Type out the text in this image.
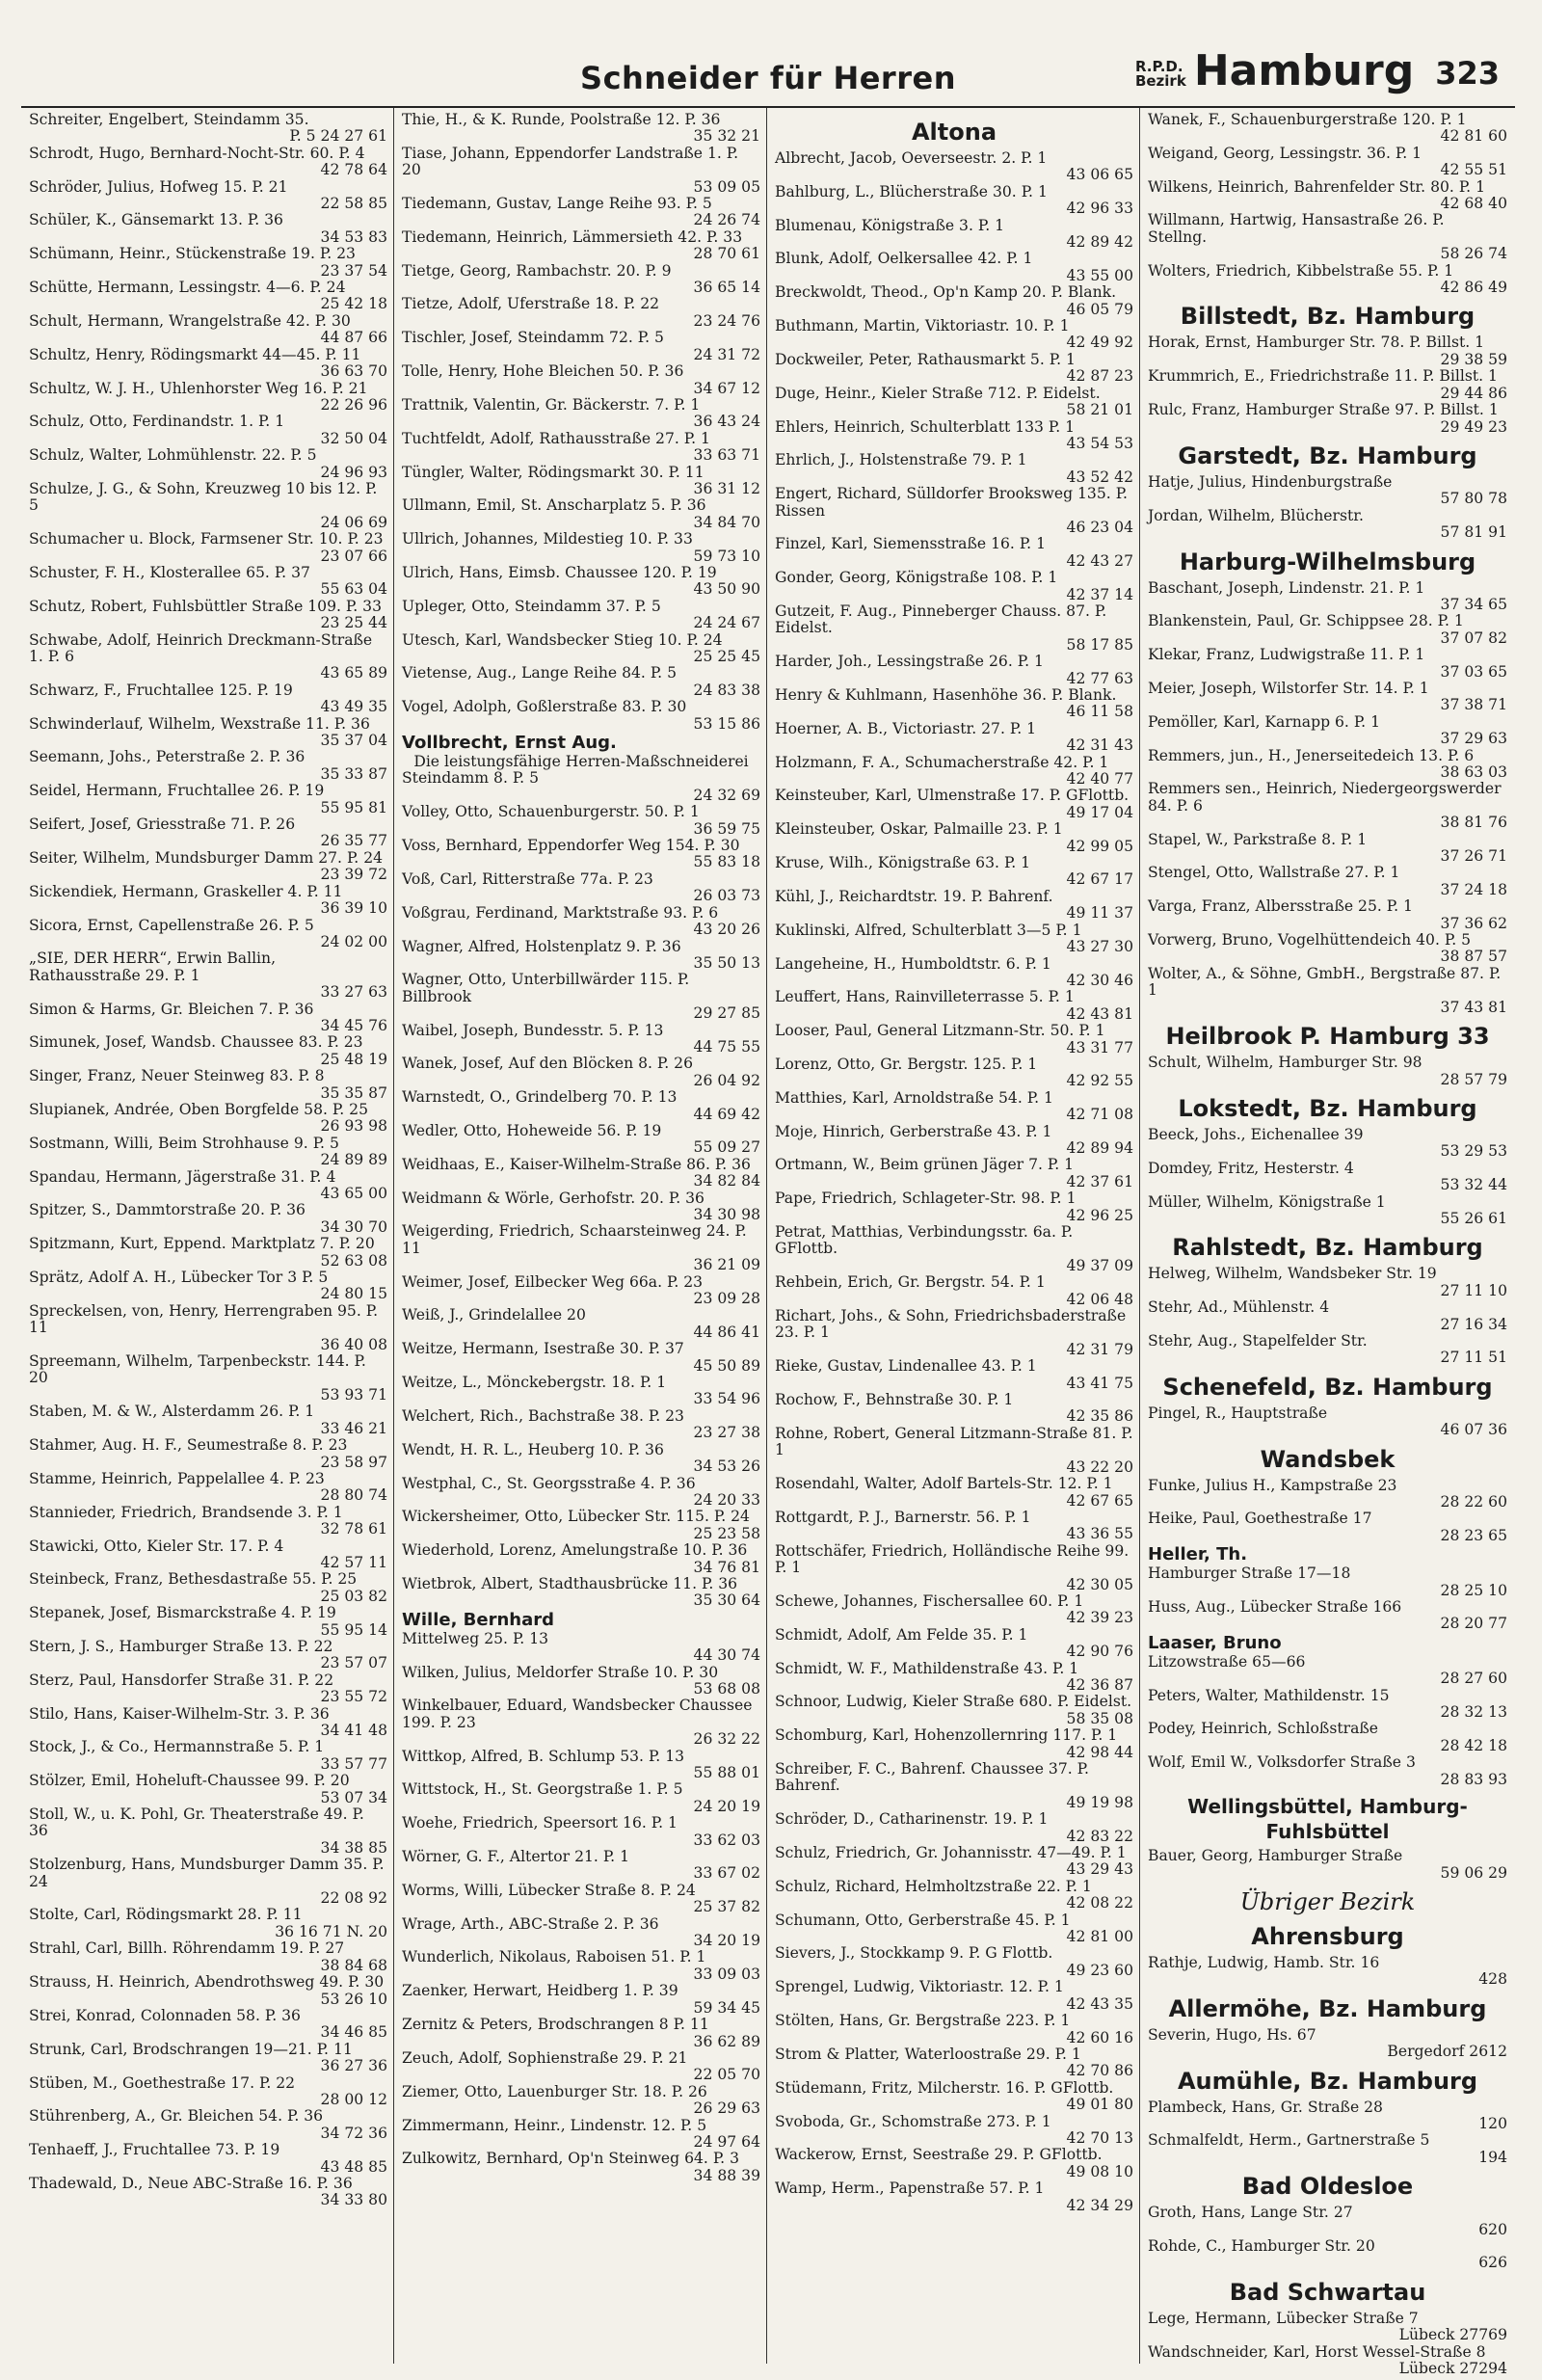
Schneider für Herren	R.P.D.
Bezirk Hamburg 323
Schreiter, Engelbert, Steindamm 35.
P. 5 24 27 61
Schrodt, Hugo, Bernhard-Nocht-Str. 60. P. 4
42 78 64
Schröder, Julius, Hofweg 15. P. 21
22 58 85
Schüler, K., Gänsemarkt 13. P. 36
34 53 83
Schümann, Heinr., Stückenstraße 19. P. 23
23 37 54
Schütte, Hermann, Lessingstr. 4—6. P. 24
25 42 18
Schult, Hermann, Wrangelstraße 42. P. 30
44 87 66
Schultz, Henry, Rödingsmarkt 44—45. P. 11
36 63 70
Schultz, W. J. H., Uhlenhorster Weg 16. P. 21
22 26 96
Schulz, Otto, Ferdinandstr. 1. P. 1
32 50 04
Schulz, Walter, Lohmühlenstr. 22. P. 5
24 96 93
Schulze, J. G., & Sohn, Kreuzweg 10 bis 12. P. 5
24 06 69
Schumacher u. Block, Farmsener Str. 10. P. 23
23 07 66
Schuster, F. H., Klosterallee 65. P. 37
55 63 04
Schutz, Robert, Fuhlsbüttler Straße 109. P. 33
23 25 44
Schwabe, Adolf, Heinrich Dreckmann-Straße 1. P. 6
43 65 89
Schwarz, F., Fruchtallee 125. P. 19
43 49 35
Schwinderlauf, Wilhelm, Wexstraße 11. P. 36
35 37 04
Seemann, Johs., Peterstraße 2. P. 36
35 33 87
Seidel, Hermann, Fruchtallee 26. P. 19
55 95 81
Seifert, Josef, Griesstraße 71. P. 26
26 35 77
Seiter, Wilhelm, Mundsburger Damm 27. P. 24
23 39 72
Sickendiek, Hermann, Graskeller 4. P. 11
36 39 10
Sicora, Ernst, Capellenstraße 26. P. 5
24 02 00
„SIE, DER HERR“, Erwin Ballin, Rathausstraße 29. P. 1
33 27 63
Simon & Harms, Gr. Bleichen 7. P. 36
34 45 76
Simunek, Josef, Wandsb. Chaussee 83. P. 23
25 48 19
Singer, Franz, Neuer Steinweg 83. P. 8
35 35 87
Slupianek, Andrée, Oben Borgfelde 58. P. 25
26 93 98
Sostmann, Willi, Beim Strohhause 9. P. 5
24 89 89
Spandau, Hermann, Jägerstraße 31. P. 4
43 65 00
Spitzer, S., Dammtorstraße 20. P. 36
34 30 70
Spitzmann, Kurt, Eppend. Marktplatz 7. P. 20
52 63 08
Sprätz, Adolf A. H., Lübecker Tor 3 P. 5
24 80 15
Spreckelsen, von, Henry, Herrengraben 95. P. 11
36 40 08
Spreemann, Wilhelm, Tarpenbeckstr. 144. P. 20
53 93 71
Staben, M. & W., Alsterdamm 26. P. 1
33 46 21
Stahmer, Aug. H. F., Seumestraße 8. P. 23
23 58 97
Stamme, Heinrich, Pappelallee 4. P. 23
28 80 74
Stannieder, Friedrich, Brandsende 3. P. 1
32 78 61
Stawicki, Otto, Kieler Str. 17. P. 4
42 57 11
Steinbeck, Franz, Bethesdastraße 55. P. 25
25 03 82
Stepanek, Josef, Bismarckstraße 4. P. 19
55 95 14
Stern, J. S., Hamburger Straße 13. P. 22
23 57 07
Sterz, Paul, Hansdorfer Straße 31. P. 22
23 55 72
Stilo, Hans, Kaiser-Wilhelm-Str. 3. P. 36
34 41 48
Stock, J., & Co., Hermannstraße 5. P. 1
33 57 77
Stölzer, Emil, Hoheluft-Chaussee 99. P. 20
53 07 34
Stoll, W., u. K. Pohl, Gr. Theaterstraße 49. P. 36
34 38 85
Stolzenburg, Hans, Mundsburger Damm 35. P. 24
22 08 92
Stolte, Carl, Rödingsmarkt 28. P. 11
36 16 71 N. 20
Strahl, Carl, Billh. Röhrendamm 19. P. 27
38 84 68
Strauss, H. Heinrich, Abendrothsweg 49. P. 30
53 26 10
Strei, Konrad, Colonnaden 58. P. 36
34 46 85
Strunk, Carl, Brodschrangen 19—21. P. 11
36 27 36
Stüben, M., Goethestraße 17. P. 22
28 00 12
Stührenberg, A., Gr. Bleichen 54. P. 36
34 72 36
Tenhaeff, J., Fruchtallee 73. P. 19
43 48 85
Thadewald, D., Neue ABC-Straße 16. P. 36
34 33 80
Thie, H., & K. Runde, Poolstraße 12. P. 36
35 32 21
Tiase, Johann, Eppendorfer Landstraße 1. P. 20
53 09 05
Tiedemann, Gustav, Lange Reihe 93. P. 5
24 26 74
Tiedemann, Heinrich, Lämmersieth 42. P. 33
28 70 61
Tietge, Georg, Rambachstr. 20. P. 9
36 65 14
Tietze, Adolf, Uferstraße 18. P. 22
23 24 76
Tischler, Josef, Steindamm 72. P. 5
24 31 72
Tolle, Henry, Hohe Bleichen 50. P. 36
34 67 12
Trattnik, Valentin, Gr. Bäckerstr. 7. P. 1
36 43 24
Tuchtfeldt, Adolf, Rathausstraße 27. P. 1
33 63 71
Tüngler, Walter, Rödingsmarkt 30. P. 11
36 31 12
Ullmann, Emil, St. Anscharplatz 5. P. 36
34 84 70
Ullrich, Johannes, Mildestieg 10. P. 33
59 73 10
Ulrich, Hans, Eimsb. Chaussee 120. P. 19
43 50 90
Upleger, Otto, Steindamm 37. P. 5
24 24 67
Utesch, Karl, Wandsbecker Stieg 10. P. 24
25 25 45
Vietense, Aug., Lange Reihe 84. P. 5
24 83 38
Vogel, Adolph, Goßlerstraße 83. P. 30
53 15 86
Vollbrecht, Ernst Aug.
Die leistungsfähige Herren-Maßschneiderei
Steindamm 8. P. 5
24 32 69
Volley, Otto, Schauenburgerstr. 50. P. 1
36 59 75
Voss, Bernhard, Eppendorfer Weg 154. P. 30
55 83 18
Voß, Carl, Ritterstraße 77a. P. 23
26 03 73
Voßgrau, Ferdinand, Marktstraße 93. P. 6
43 20 26
Wagner, Alfred, Holstenplatz 9. P. 36
35 50 13
Wagner, Otto, Unterbillwärder 115. P. Billbrook
29 27 85
Waibel, Joseph, Bundesstr. 5. P. 13
44 75 55
Wanek, Josef, Auf den Blöcken 8. P. 26
26 04 92
Warnstedt, O., Grindelberg 70. P. 13
44 69 42
Wedler, Otto, Hoheweide 56. P. 19
55 09 27
Weidhaas, E., Kaiser-Wilhelm-Straße 86. P. 36
34 82 84
Weidmann & Wörle, Gerhofstr. 20. P. 36
34 30 98
Weigerding, Friedrich, Schaarsteinweg 24. P. 11
36 21 09
Weimer, Josef, Eilbecker Weg 66a. P. 23
23 09 28
Weiß, J., Grindelallee 20
44 86 41
Weitze, Hermann, Isestraße 30. P. 37
45 50 89
Weitze, L., Mönckebergstr. 18. P. 1
33 54 96
Welchert, Rich., Bachstraße 38. P. 23
23 27 38
Wendt, H. R. L., Heuberg 10. P. 36
34 53 26
Westphal, C., St. Georgsstraße 4. P. 36
24 20 33
Wickersheimer, Otto, Lübecker Str. 115. P. 24
25 23 58
Wiederhold, Lorenz, Amelungstraße 10. P. 36
34 76 81
Wietbrok, Albert, Stadthausbrücke 11. P. 36
35 30 64
Wille, Bernhard
Mittelweg 25. P. 13
44 30 74
Wilken, Julius, Meldorfer Straße 10. P. 30
53 68 08
Winkelbauer, Eduard, Wandsbecker Chaussee 199. P. 23
26 32 22
Wittkop, Alfred, B. Schlump 53. P. 13
55 88 01
Wittstock, H., St. Georgstraße 1. P. 5
24 20 19
Woehe, Friedrich, Speersort 16. P. 1
33 62 03
Wörner, G. F., Altertor 21. P. 1
33 67 02
Worms, Willi, Lübecker Straße 8. P. 24
25 37 82
Wrage, Arth., ABC-Straße 2. P. 36
34 20 19
Wunderlich, Nikolaus, Raboisen 51. P. 1
33 09 03
Zaenker, Herwart, Heidberg 1. P. 39
59 34 45
Zernitz & Peters, Brodschrangen 8 P. 11
36 62 89
Zeuch, Adolf, Sophienstraße 29. P. 21
22 05 70
Ziemer, Otto, Lauenburger Str. 18. P. 26
26 29 63
Zimmermann, Heinr., Lindenstr. 12. P. 5
24 97 64
Zulkowitz, Bernhard, Op'n Steinweg 64. P. 3
34 88 39
Altona
Albrecht, Jacob, Oeverseestr. 2. P. 1
43 06 65
Bahlburg, L., Blücherstraße 30. P. 1
42 96 33
Blumenau, Königstraße 3. P. 1
42 89 42
Blunk, Adolf, Oelkersallee 42. P. 1
43 55 00
Breckwoldt, Theod., Op'n Kamp 20. P. Blank.
46 05 79
Buthmann, Martin, Viktoriastr. 10. P. 1
42 49 92
Dockweiler, Peter, Rathausmarkt 5. P. 1
42 87 23
Duge, Heinr., Kieler Straße 712. P. Eidelst.
58 21 01
Ehlers, Heinrich, Schulterblatt 133 P. 1
43 54 53
Ehrlich, J., Holstenstraße 79. P. 1
43 52 42
Engert, Richard, Sülldorfer Brooksweg 135. P. Rissen
46 23 04
Finzel, Karl, Siemensstraße 16. P. 1
42 43 27
Gonder, Georg, Königstraße 108. P. 1
42 37 14
Gutzeit, F. Aug., Pinneberger Chauss. 87. P. Eidelst.
58 17 85
Harder, Joh., Lessingstraße 26. P. 1
42 77 63
Henry & Kuhlmann, Hasenhöhe 36. P. Blank.
46 11 58
Hoerner, A. B., Victoriastr. 27. P. 1
42 31 43
Holzmann, F. A., Schumacherstraße 42. P. 1
42 40 77
Keinsteuber, Karl, Ulmenstraße 17. P. GFlottb.
49 17 04
Kleinsteuber, Oskar, Palmaille 23. P. 1
42 99 05
Kruse, Wilh., Königstraße 63. P. 1
42 67 17
Kühl, J., Reichardtstr. 19. P. Bahrenf.
49 11 37
Kuklinski, Alfred, Schulterblatt 3—5 P. 1
43 27 30
Langeheine, H., Humboldtstr. 6. P. 1
42 30 46
Leuffert, Hans, Rainvilleterrasse 5. P. 1
42 43 81
Looser, Paul, General Litzmann-Str. 50. P. 1
43 31 77
Lorenz, Otto, Gr. Bergstr. 125. P. 1
42 92 55
Matthies, Karl, Arnoldstraße 54. P. 1
42 71 08
Moje, Hinrich, Gerberstraße 43. P. 1
42 89 94
Ortmann, W., Beim grünen Jäger 7. P. 1
42 37 61
Pape, Friedrich, Schlageter-Str. 98. P. 1
42 96 25
Petrat, Matthias, Verbindungsstr. 6a. P. GFlottb.
49 37 09
Rehbein, Erich, Gr. Bergstr. 54. P. 1
42 06 48
Richart, Johs., & Sohn, Friedrichsbaderstraße 23. P. 1
42 31 79
Rieke, Gustav, Lindenallee 43. P. 1
43 41 75
Rochow, F., Behnstraße 30. P. 1
42 35 86
Rohne, Robert, General Litzmann-Straße 81. P. 1
43 22 20
Rosendahl, Walter, Adolf Bartels-Str. 12. P. 1
42 67 65
Rottgardt, P. J., Barnerstr. 56. P. 1
43 36 55
Rottschäfer, Friedrich, Holländische Reihe 99. P. 1
42 30 05
Schewe, Johannes, Fischersallee 60. P. 1
42 39 23
Schmidt, Adolf, Am Felde 35. P. 1
42 90 76
Schmidt, W. F., Mathildenstraße 43. P. 1
42 36 87
Schnoor, Ludwig, Kieler Straße 680. P. Eidelst.
58 35 08
Schomburg, Karl, Hohenzollernring 117. P. 1
42 98 44
Schreiber, F. C., Bahrenf. Chaussee 37. P. Bahrenf.
49 19 98
Schröder, D., Catharinenstr. 19. P. 1
42 83 22
Schulz, Friedrich, Gr. Johannisstr. 47—49. P. 1
43 29 43
Schulz, Richard, Helmholtzstraße 22. P. 1
42 08 22
Schumann, Otto, Gerberstraße 45. P. 1
42 81 00
Sievers, J., Stockkamp 9. P. G Flottb.
49 23 60
Sprengel, Ludwig, Viktoriastr. 12. P. 1
42 43 35
Stölten, Hans, Gr. Bergstraße 223. P. 1
42 60 16
Strom & Platter, Waterloostraße 29. P. 1
42 70 86
Stüdemann, Fritz, Milcherstr. 16. P. GFlottb.
49 01 80
Svoboda, Gr., Schomstraße 273. P. 1
42 70 13
Wackerow, Ernst, Seestraße 29. P. GFlottb.
49 08 10
Wamp, Herm., Papenstraße 57. P. 1
42 34 29
Wanek, F., Schauenburgerstraße 120. P. 1
42 81 60
Weigand, Georg, Lessingstr. 36. P. 1
42 55 51
Wilkens, Heinrich, Bahrenfelder Str. 80. P. 1
42 68 40
Willmann, Hartwig, Hansastraße 26. P. Stellng.
58 26 74
Wolters, Friedrich, Kibbelstraße 55. P. 1
42 86 49
Billstedt, Bz. Hamburg
Horak, Ernst, Hamburger Str. 78. P. Billst. 1
29 38 59
Krummrich, E., Friedrichstraße 11. P. Billst. 1
29 44 86
Rulc, Franz, Hamburger Straße 97. P. Billst. 1
29 49 23
Garstedt, Bz. Hamburg
Hatje, Julius, Hindenburgstraße
57 80 78
Jordan, Wilhelm, Blücherstr.
57 81 91
Harburg-Wilhelmsburg
Baschant, Joseph, Lindenstr. 21. P. 1
37 34 65
Blankenstein, Paul, Gr. Schippsee 28. P. 1
37 07 82
Klekar, Franz, Ludwigstraße 11. P. 1
37 03 65
Meier, Joseph, Wilstorfer Str. 14. P. 1
37 38 71
Pemöller, Karl, Karnapp 6. P. 1
37 29 63
Remmers, jun., H., Jenerseitedeich 13. P. 6
38 63 03
Remmers sen., Heinrich, Niedergeorgswerder 84. P. 6
38 81 76
Stapel, W., Parkstraße 8. P. 1
37 26 71
Stengel, Otto, Wallstraße 27. P. 1
37 24 18
Varga, Franz, Albersstraße 25. P. 1
37 36 62
Vorwerg, Bruno, Vogelhüttendeich 40. P. 5
38 87 57
Wolter, A., & Söhne, GmbH., Bergstraße 87. P. 1
37 43 81
Heilbrook P. Hamburg 33
Schult, Wilhelm, Hamburger Str. 98
28 57 79
Lokstedt, Bz. Hamburg
Beeck, Johs., Eichenallee 39
53 29 53
Domdey, Fritz, Hesterstr. 4
53 32 44
Müller, Wilhelm, Königstraße 1
55 26 61
Rahlstedt, Bz. Hamburg
Helweg, Wilhelm, Wandsbeker Str. 19
27 11 10
Stehr, Ad., Mühlenstr. 4
27 16 34
Stehr, Aug., Stapelfelder Str.
27 11 51
Schenefeld, Bz. Hamburg
Pingel, R., Hauptstraße
46 07 36
Wandsbek
Funke, Julius H., Kampstraße 23
28 22 60
Heike, Paul, Goethestraße 17
28 23 65
Heller, Th.
Hamburger Straße 17—18
28 25 10
Huss, Aug., Lübecker Straße 166
28 20 77
Laaser, Bruno
Litzowstraße 65—66
28 27 60
Peters, Walter, Mathildenstr. 15
28 32 13
Podey, Heinrich, Schloßstraße
28 42 18
Wolf, Emil W., Volksdorfer Straße 3
28 83 93
Wellingsbüttel, Hamburg-Fuhlsbüttel
Bauer, Georg, Hamburger Straße
59 06 29
Übriger Bezirk
Ahrensburg
Rathje, Ludwig, Hamb. Str. 16
428
Allermöhe, Bz. Hamburg
Severin, Hugo, Hs. 67
Bergedorf 2612
Aumühle, Bz. Hamburg
Plambeck, Hans, Gr. Straße 28
120
Schmalfeldt, Herm., Gartnerstraße 5
194
Bad Oldesloe
Groth, Hans, Lange Str. 27
620
Rohde, C., Hamburger Str. 20
626
Bad Schwartau
Lege, Hermann, Lübecker Straße 7
Lübeck 27769
Wandschneider, Karl, Horst Wessel-Straße 8
Lübeck 27294
